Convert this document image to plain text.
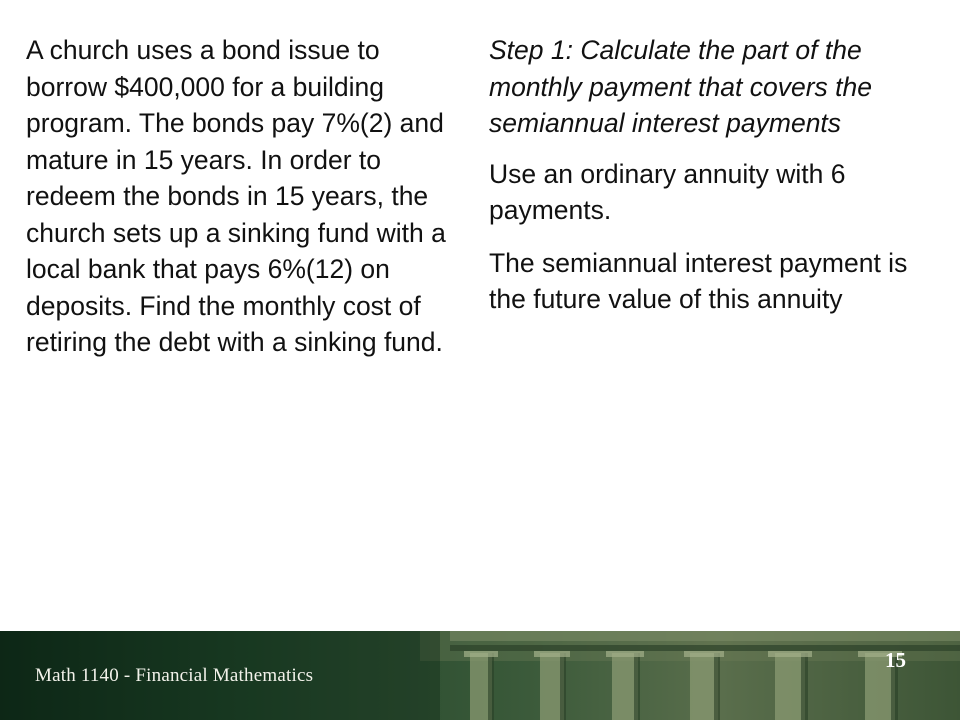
A church uses a bond issue to borrow $400,000 for a building program. The bonds pay 7%(2) and mature in 15 years. In order to redeem the bonds in 15 years, the church sets up a sinking fund with a local bank that pays 6%(12) on deposits. Find the monthly cost of retiring the debt with a sinking fund.

Step 1: Calculate the part of the monthly payment that covers the semiannual interest payments

Use an ordinary annuity with 6 payments.

The semiannual interest payment is the future value of this annuity

Math 1140 - Financial Mathematics
15
